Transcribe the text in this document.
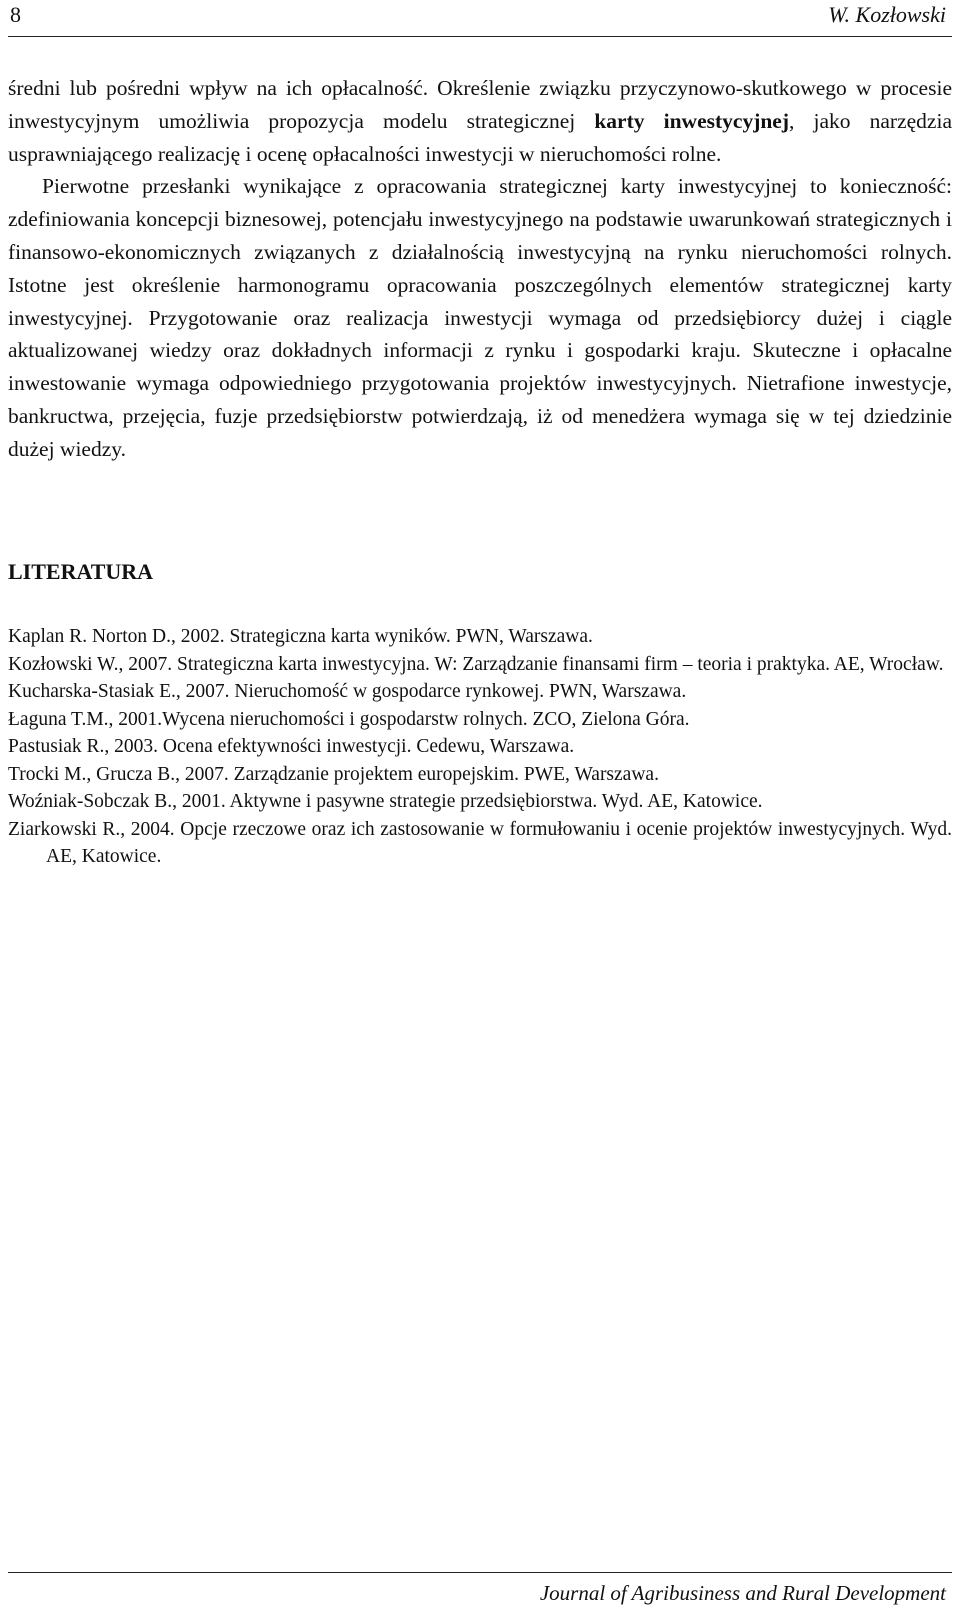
8	W. Kozłowski

średni lub pośredni wpływ na ich opłacalność. Określenie związku przyczynowo-skutkowego w procesie inwestycyjnym umożliwia propozycja modelu strategicznej karty inwestycyjnej, jako narzędzia usprawniającego realizację i ocenę opłacalności inwestycji w nieruchomości rolne.

Pierwotne przesłanki wynikające z opracowania strategicznej karty inwestycyjnej to konieczność: zdefiniowania koncepcji biznesowej, potencjału inwestycyjnego na podstawie uwarunkowań strategicznych i finansowo-ekonomicznych związanych z działalnością inwestycyjną na rynku nieruchomości rolnych. Istotne jest określenie harmonogramu opracowania poszczególnych elementów strategicznej karty inwestycyjnej. Przygotowanie oraz realizacja inwestycji wymaga od przedsiębiorcy dużej i ciągle aktualizowanej wiedzy oraz dokładnych informacji z rynku i gospodarki kraju. Skuteczne i opłacalne inwestowanie wymaga odpowiedniego przygotowania projektów inwestycyjnych. Nietrafione inwestycje, bankructwa, przejęcia, fuzje przedsiębiorstw potwierdzają, iż od menedżera wymaga się w tej dziedzinie dużej wiedzy.

LITERATURA
Kaplan R. Norton D., 2002. Strategiczna karta wyników. PWN, Warszawa.
Kozłowski W., 2007. Strategiczna karta inwestycyjna. W: Zarządzanie finansami firm – teoria i praktyka. AE, Wrocław.
Kucharska-Stasiak E., 2007. Nieruchomość w gospodarce rynkowej. PWN, Warszawa.
Łaguna T.M., 2001.Wycena nieruchomości i gospodarstw rolnych. ZCO, Zielona Góra.
Pastusiak R., 2003. Ocena efektywności inwestycji. Cedewu, Warszawa.
Trocki M., Grucza B., 2007. Zarządzanie projektem europejskim. PWE, Warszawa.
Woźniak-Sobczak B., 2001. Aktywne i pasywne strategie przedsiębiorstwa. Wyd. AE, Katowice.
Ziarkowski R., 2004. Opcje rzeczowe oraz ich zastosowanie w formułowaniu i ocenie projektów inwestycyjnych. Wyd. AE, Katowice.
Journal of Agribusiness and Rural Development
